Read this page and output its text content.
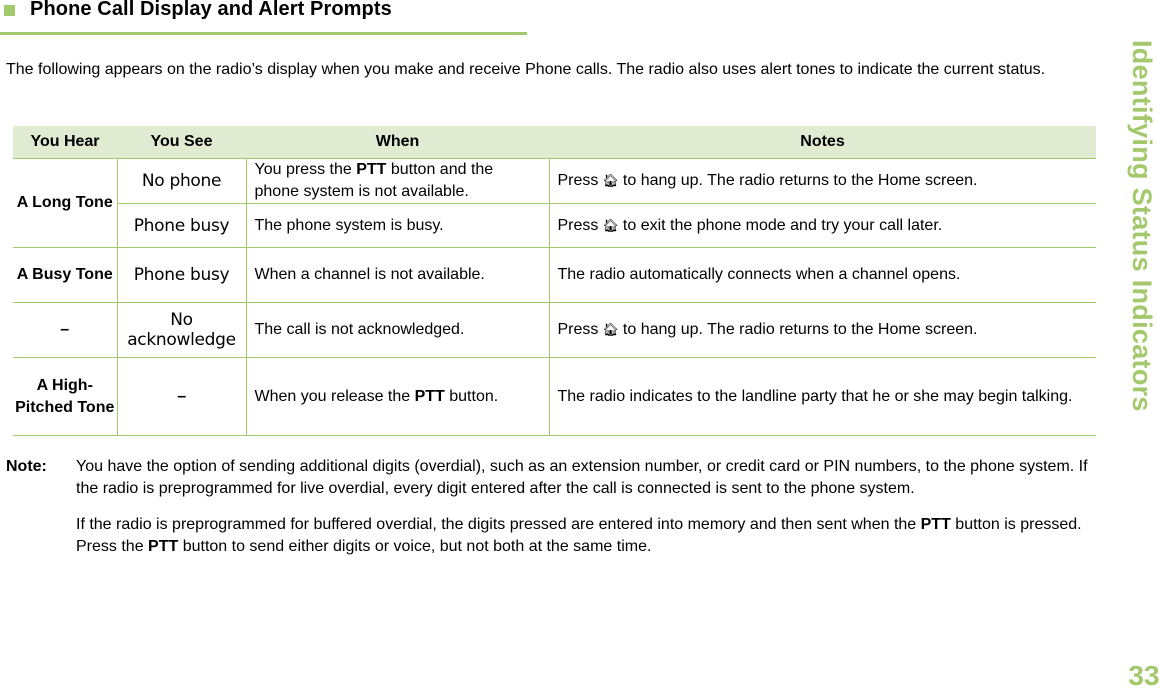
Phone Call Display and Alert Prompts
The following appears on the radio’s display when you make and receive Phone calls. The radio also uses alert tones to indicate the current status.
You Hear	You See	When	Notes
A Long Tone	No phone	You press the PTT button and the phone system is not available.	Press 🏠︎ to hang up. The radio returns to the Home screen.
	Phone busy	The phone system is busy.	Press 🏠︎ to exit the phone mode and try your call later.
A Busy Tone	Phone busy	When a channel is not available.	The radio automatically connects when a channel opens.
–	No acknowledge	The call is not acknowledged.	Press 🏠︎ to hang up. The radio returns to the Home screen.
A High-Pitched Tone	–	When you release the PTT button.	The radio indicates to the landline party that he or she may begin talking.
Note: You have the option of sending additional digits (overdial), such as an extension number, or credit card or PIN numbers, to the phone system. If the radio is preprogrammed for live overdial, every digit entered after the call is connected is sent to the phone system.

If the radio is preprogrammed for buffered overdial, the digits pressed are entered into memory and then sent when the PTT button is pressed. Press the PTT button to send either digits or voice, but not both at the same time.

Identifying Status Indicators
33
